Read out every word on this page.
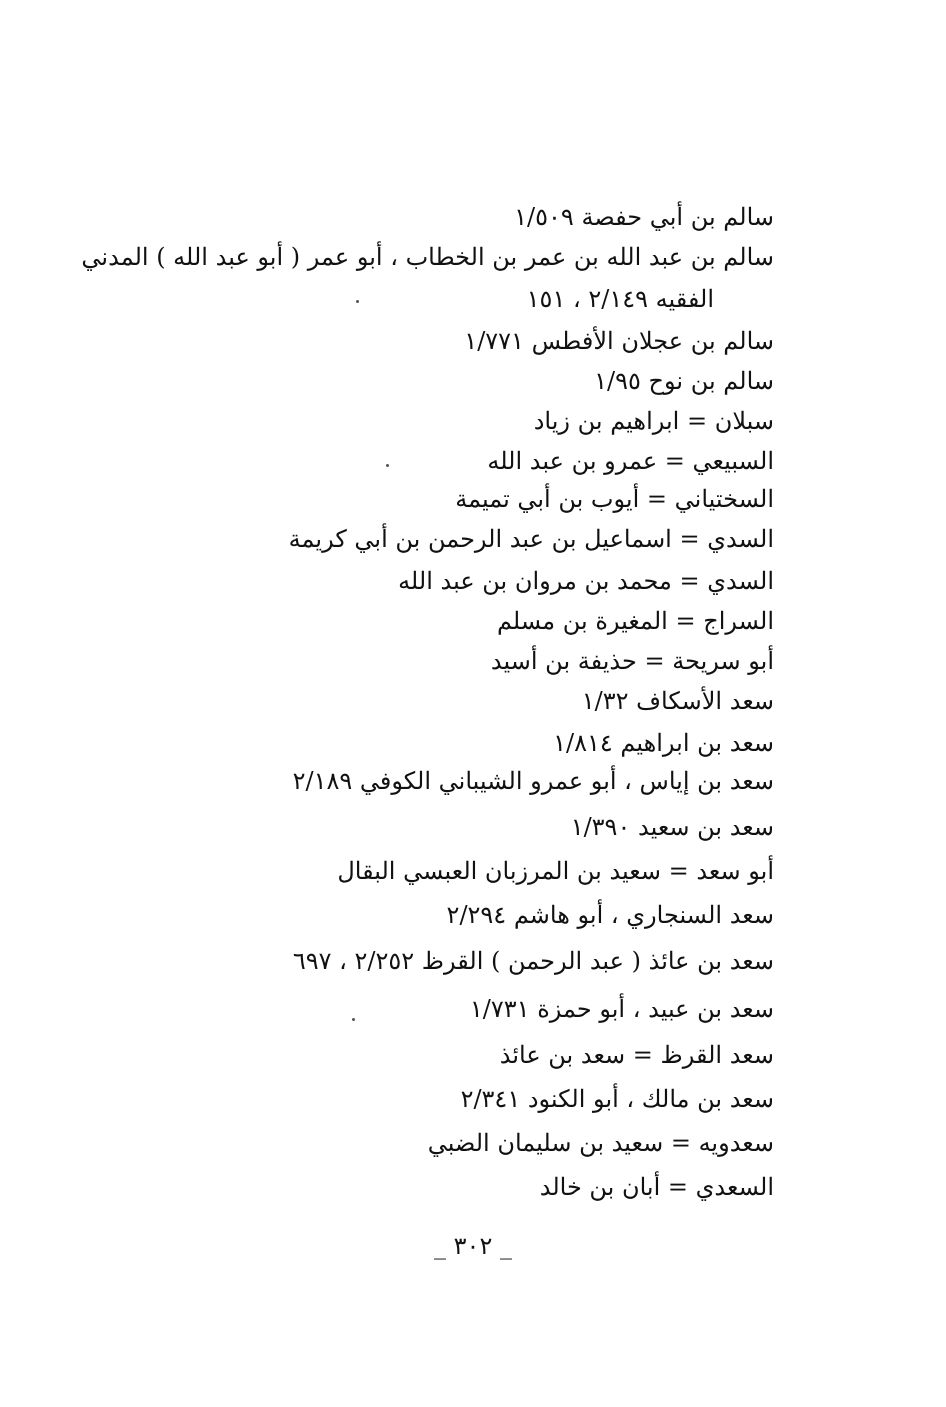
سالم بن أبي حفصة ١/٥٠٩
سالم بن عبد الله بن عمر بن الخطاب ، أبو عمر ( أبو عبد الله ) المدني
الفقيه ٢/١٤٩ ، ١٥١
سالم بن عجلان الأفطس ١/٧٧١
سالم بن نوح ١/٩٥
سبلان = ابراهيم بن زياد
السبيعي = عمرو بن عبد الله
السختياني = أيوب بن أبي تميمة
السدي = اسماعيل بن عبد الرحمن بن أبي كريمة
السدي = محمد بن مروان بن عبد الله
السراج = المغيرة بن مسلم
أبو سريحة = حذيفة بن أسيد
سعد الأسكاف ١/٣٢
سعد بن ابراهيم ١/٨١٤
سعد بن إياس ، أبو عمرو الشيباني الكوفي ٢/١٨٩
سعد بن سعيد ١/٣٩٠
أبو سعد = سعيد بن المرزبان العبسي البقال
سعد السنجاري ، أبو هاشم ٢/٢٩٤
سعد بن عائذ ( عبد الرحمن ) القرظ ٢/٢٥٢ ، ٦٩٧
سعد بن عبيد ، أبو حمزة ١/٧٣١
سعد القرظ = سعد بن عائذ
سعد بن مالك ، أبو الكنود ٢/٣٤١
سعدويه = سعيد بن سليمان الضبي
السعدي = أبان بن خالد
_ ٣٠٢ _
